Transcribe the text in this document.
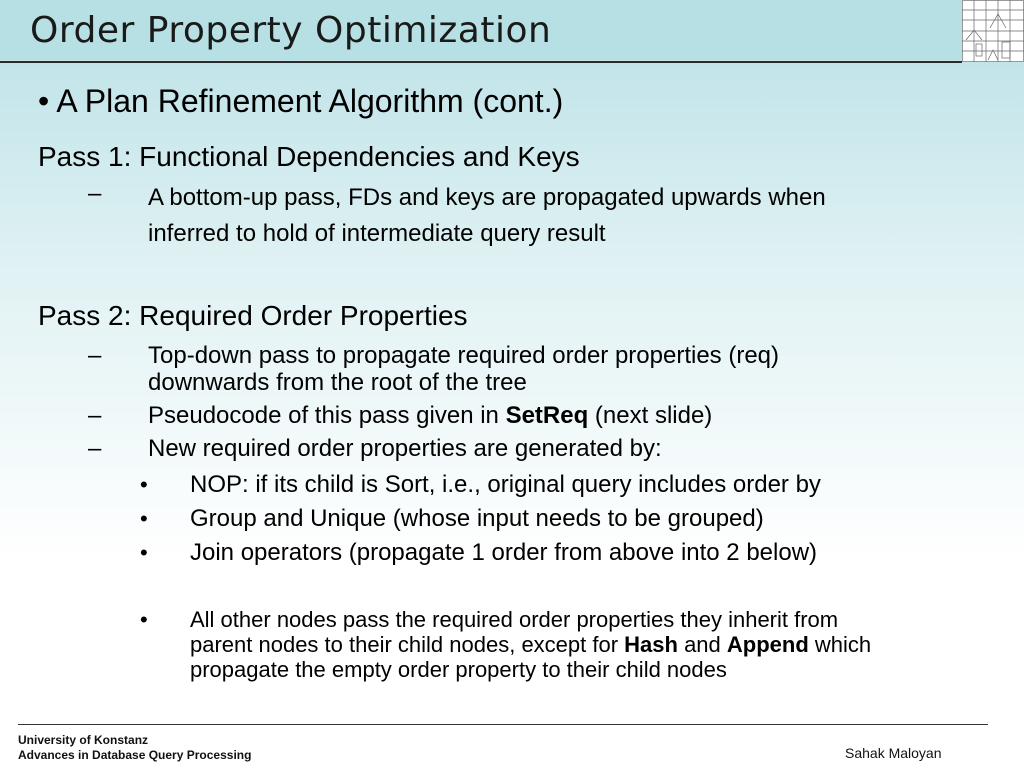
Order Property Optimization
• A Plan Refinement Algorithm (cont.)
Pass 1: Functional Dependencies and Keys
– A bottom-up pass, FDs and keys are propagated upwards when
inferred to hold of intermediate query result
Pass 2: Required Order Properties
– Top-down pass to propagate required order properties (req)
downwards from the root of the tree
– Pseudocode of this pass given in SetReq (next slide)
– New required order properties are generated by:
• NOP: if its child is Sort, i.e., original query includes order by
• Group and Unique (whose input needs to be grouped)
• Join operators (propagate 1 order from above into 2 below)
• All other nodes pass the required order properties they inherit from
parent nodes to their child nodes, except for Hash and Append which
propagate the empty order property to their child nodes
University of Konstanz
Advances in Database Query Processing	Sahak Maloyan
